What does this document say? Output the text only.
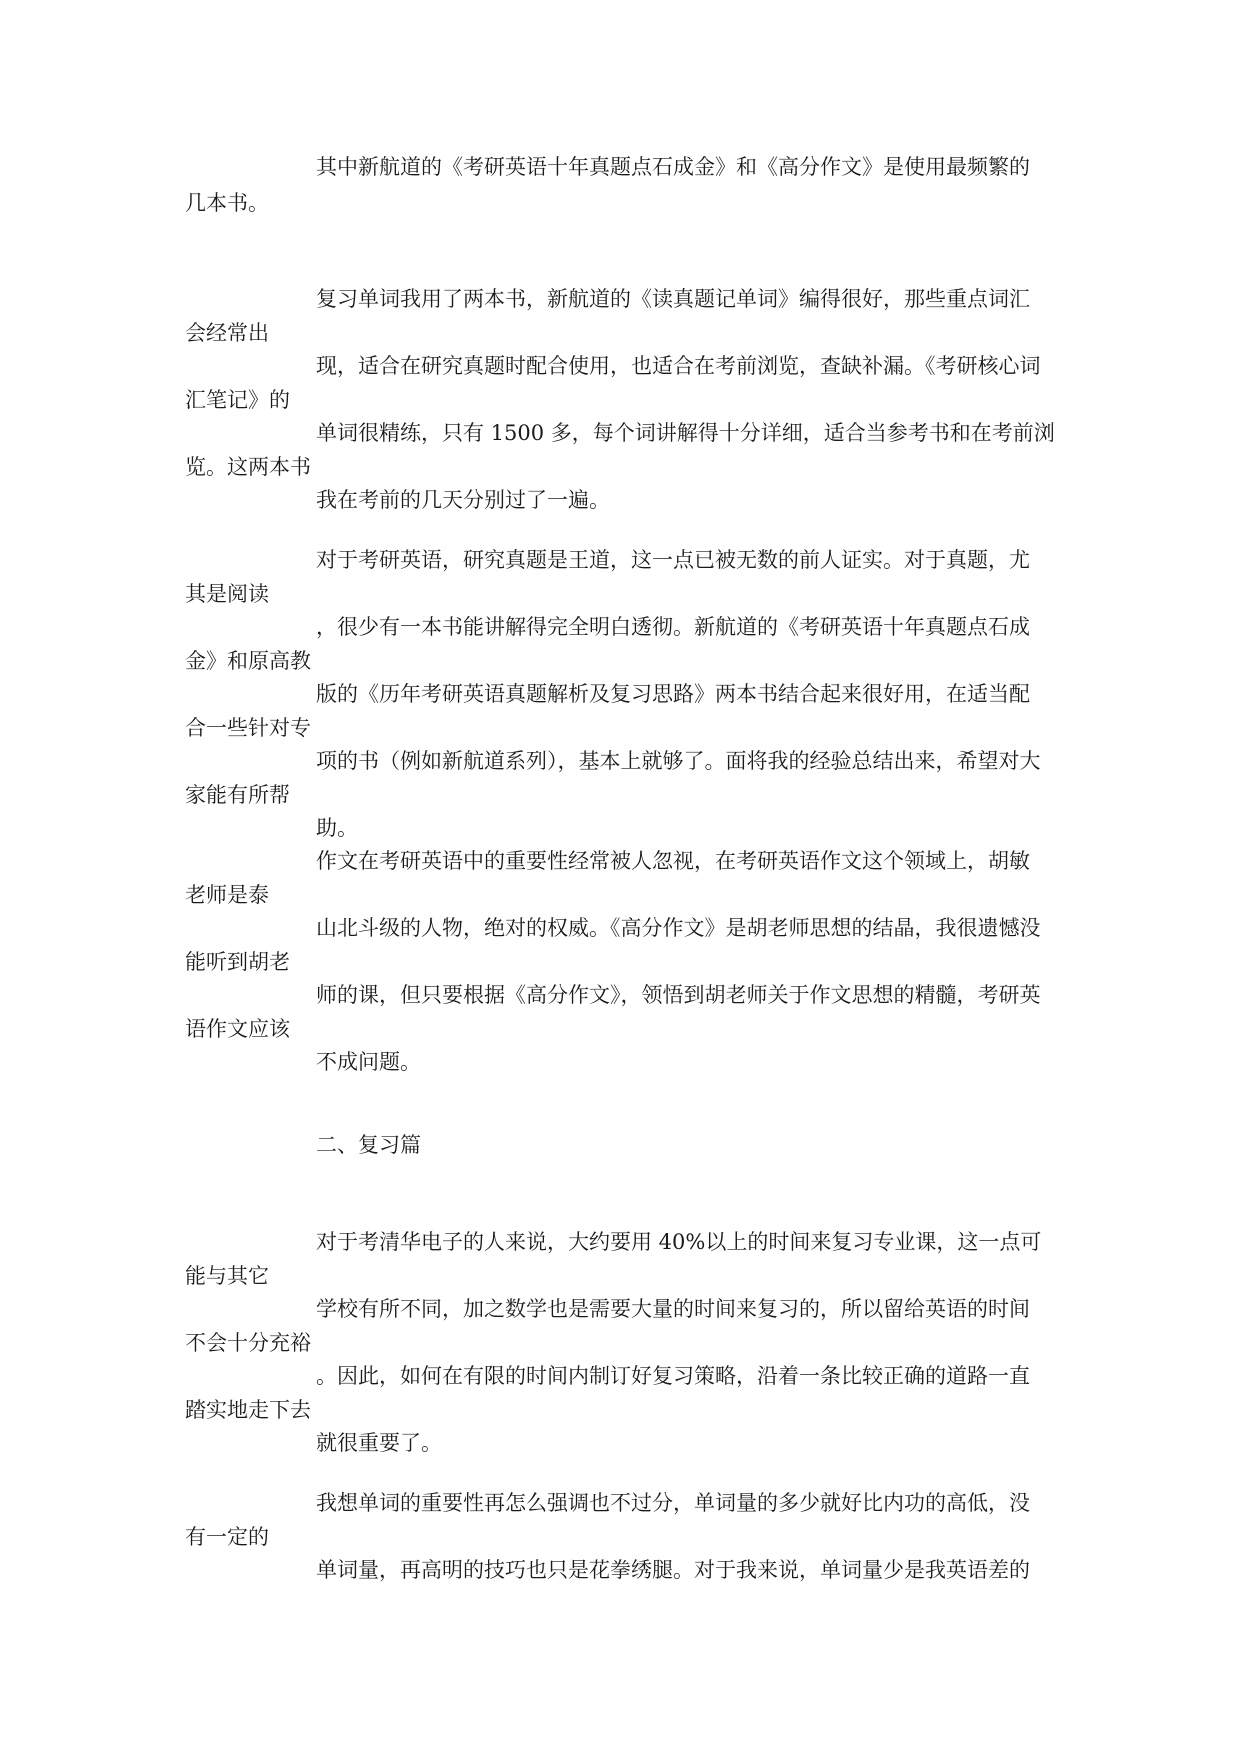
其中新航道的《考研英语十年真题点石成金》和《高分作文》是使用最频繁的
几本书。
复习单词我用了两本书，新航道的《读真题记单词》编得很好，那些重点词汇
会经常出
现，适合在研究真题时配合使用，也适合在考前浏览，查缺补漏。《考研核心词
汇笔记》的
单词很精练，只有 1500 多，每个词讲解得十分详细，适合当参考书和在考前浏
览。这两本书
我在考前的几天分别过了一遍。
对于考研英语，研究真题是王道，这一点已被无数的前人证实。对于真题，尤
其是阅读
，很少有一本书能讲解得完全明白透彻。新航道的《考研英语十年真题点石成
金》和原高教
版的《历年考研英语真题解析及复习思路》两本书结合起来很好用，在适当配
合一些针对专
项的书（例如新航道系列），基本上就够了。面将我的经验总结出来，希望对大
家能有所帮
助。
作文在考研英语中的重要性经常被人忽视，在考研英语作文这个领域上，胡敏
老师是泰
山北斗级的人物，绝对的权威。《高分作文》是胡老师思想的结晶，我很遗憾没
能听到胡老
师的课，但只要根据《高分作文》，领悟到胡老师关于作文思想的精髓，考研英
语作文应该
不成问题。
二、复习篇
对于考清华电子的人来说，大约要用 40%以上的时间来复习专业课，这一点可
能与其它
学校有所不同，加之数学也是需要大量的时间来复习的，所以留给英语的时间
不会十分充裕
。因此，如何在有限的时间内制订好复习策略，沿着一条比较正确的道路一直
踏实地走下去
就很重要了。
我想单词的重要性再怎么强调也不过分，单词量的多少就好比内功的高低，没
有一定的
单词量，再高明的技巧也只是花拳绣腿。对于我来说，单词量少是我英语差的
